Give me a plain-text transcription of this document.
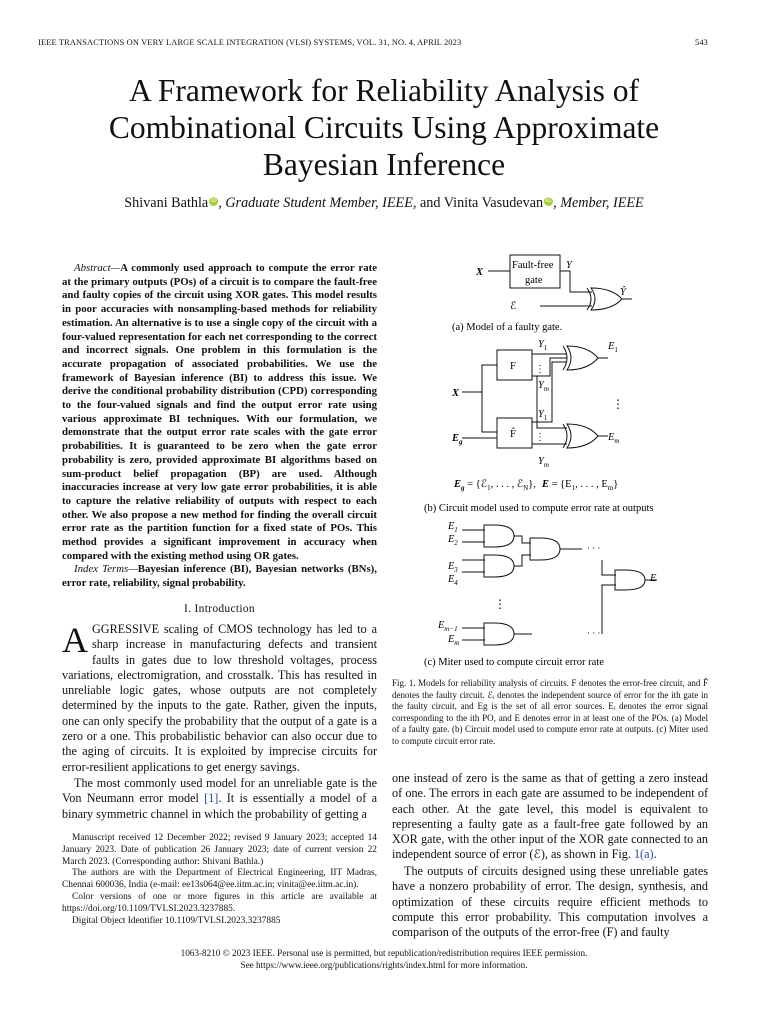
IEEE TRANSACTIONS ON VERY LARGE SCALE INTEGRATION (VLSI) SYSTEMS, VOL. 31, NO. 4, APRIL 2023	543
A Framework for Reliability Analysis of
Combinational Circuits Using Approximate
Bayesian Inference
Shivani Bathla iD , Graduate Student Member, IEEE, and Vinita Vasudevan iD , Member, IEEE
Abstract—A commonly used approach to compute the error rate at the primary outputs (POs) of a circuit is to compare the fault-free and faulty copies of the circuit using XOR gates. This model results in poor accuracies with nonsampling-based methods for reliability estimation. An alternative is to use a single copy of the circuit with a four-valued representation for each net corresponding to the correct and incorrect signals. One problem in this formulation is the accurate propagation of associated probabilities. We use the framework of Bayesian inference (BI) to address this issue. We derive the conditional probability distribution (CPD) corresponding to the four-valued signals and find the output error rate using various approximate BI techniques. With our formulation, we demonstrate that the output error rate scales with the gate error probabilities. It is guaranteed to be zero when the gate error probability is zero, provided approximate BI algorithms based on sum-product belief propagation (BP) are used. Although inaccuracies increase at very low gate error probabilities, it is able to capture the relative reliability of outputs with respect to each other. We also propose a new method for finding the overall circuit error rate as the partition function for a fixed state of POs. This method provides a significant improvement in accuracy when compared with the existing method using OR gates.
Index Terms—Bayesian inference (BI), Bayesian networks (BNs), error rate, reliability, signal probability.
I. Introduction
AGGRESSIVE scaling of CMOS technology has led to a sharp increase in manufacturing defects and transient faults in gates due to low threshold voltages, process variations, electromigration, and crosstalk. This has resulted in unreliable logic gates, whose outputs are not completely determined by the inputs to the gate. Rather, given the inputs, one can only specify the probability that the output of a gate is a zero or a one. This probabilistic behavior can also occur due to the aging of circuits. It is exploited by imprecise circuits for error-resilient applications to get energy savings.
The most commonly used model for an unreliable gate is the Von Neumann error model [1]. It is essentially a model of a binary symmetric channel in which the probability of getting a

Manuscript received 12 December 2022; revised 9 January 2023; accepted 14 January 2023. Date of publication 26 January 2023; date of current version 22 March 2023. (Corresponding author: Shivani Bathla.)

The authors are with the Department of Electrical Engineering, IIT Madras, Chennai 600036, India (e-mail: ee13s064@ee.iitm.ac.in; vinita@ee.iitm.ac.in).

Color versions of one or more figures in this article are available at https://doi.org/10.1109/TVLSI.2023.3237885.

Digital Object Identifier 10.1109/TVLSI.2023.3237885

Fault-free
gate
X
Y
Ŷ
ℰ
(a) Model of a faulty gate.
F
F̂
X
$E_g$
$Y_1$
$Y_m$
$Y_1$
$Y_m$
⋮
⋮
⋮
$E_1$
$E_m$
$E_g$ = {ℰ$_1$, . . . , ℰ$_N$}, $E = \{E_1$, . . . , $E_m$}
(b) Circuit model used to compute error rate at outputs
$E_1$
$E_2$
$E_3$
$E_4$
$E_{m-1}$
$E_m$
E
⋮
· · ·
· · ·
(c) Miter used to compute circuit error rate
Fig. 1. Models for reliability analysis of circuits. F denotes the error-free circuit, and F̂ denotes the faulty circuit. ℰᵢ denotes the independent source of error for the ith gate in the faulty circuit, and Eg is the set of all error sources. Eᵢ denotes the error signal corresponding to the ith PO, and E denotes error in at least one of the POs. (a) Model of a faulty gate. (b) Circuit model used to compute error rate at outputs. (c) Miter used to compute circuit error rate.
one instead of zero is the same as that of getting a zero instead of one. The errors in each gate are assumed to be independent of each other. At the gate level, this model is equivalent to representing a faulty gate as a fault-free gate followed by an XOR gate, with the other input of the XOR gate connected to an independent source of error (ℰ), as shown in Fig. 1(a).
The outputs of circuits designed using these unreliable gates have a nonzero probability of error. The design, synthesis, and optimization of these circuits require efficient methods to compute this error probability. This computation involves a comparison of the outputs of the error-free (F) and faulty
1063-8210 © 2023 IEEE. Personal use is permitted, but republication/redistribution requires IEEE permission.
See https://www.ieee.org/publications/rights/index.html for more information.
